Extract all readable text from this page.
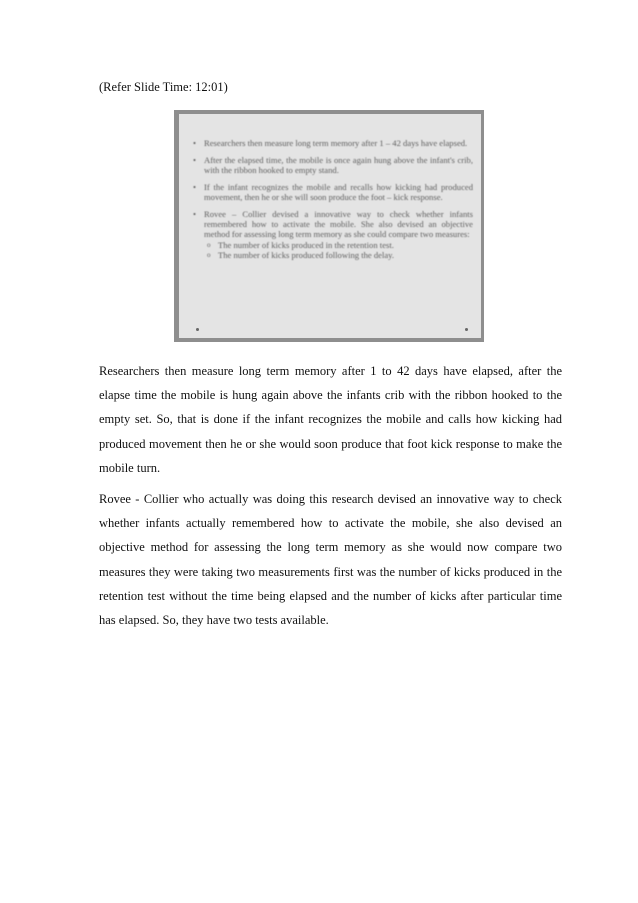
(Refer Slide Time: 12:01)
• Researchers then measure long term memory after 1 – 42 days have elapsed.
• After the elapsed time, the mobile is once again hung above the infant's crib, with the ribbon hooked to empty stand.
• If the infant recognizes the mobile and recalls how kicking had produced movement, then he or she will soon produce the foot – kick response.
• Rovee – Collier devised a innovative way to check whether infants remembered how to activate the mobile. She also devised an objective method for assessing long term memory as she could compare two measures:
o The number of kicks produced in the retention test.
o The number of kicks produced following the delay.

Researchers then measure long term memory after 1 to 42 days have elapsed, after the elapse time the mobile is hung again above the infants crib with the ribbon hooked to the empty set. So, that is done if the infant recognizes the mobile and calls how kicking had produced movement then he or she would soon produce that foot kick response to make the mobile turn.

Rovee - Collier who actually was doing this research devised an innovative way to check whether infants actually remembered how to activate the mobile, she also devised an objective method for assessing the long term memory as she would now compare two measures they were taking two measurements first was the number of kicks produced in the retention test without the time being elapsed and the number of kicks after particular time has elapsed. So, they have two tests available.
